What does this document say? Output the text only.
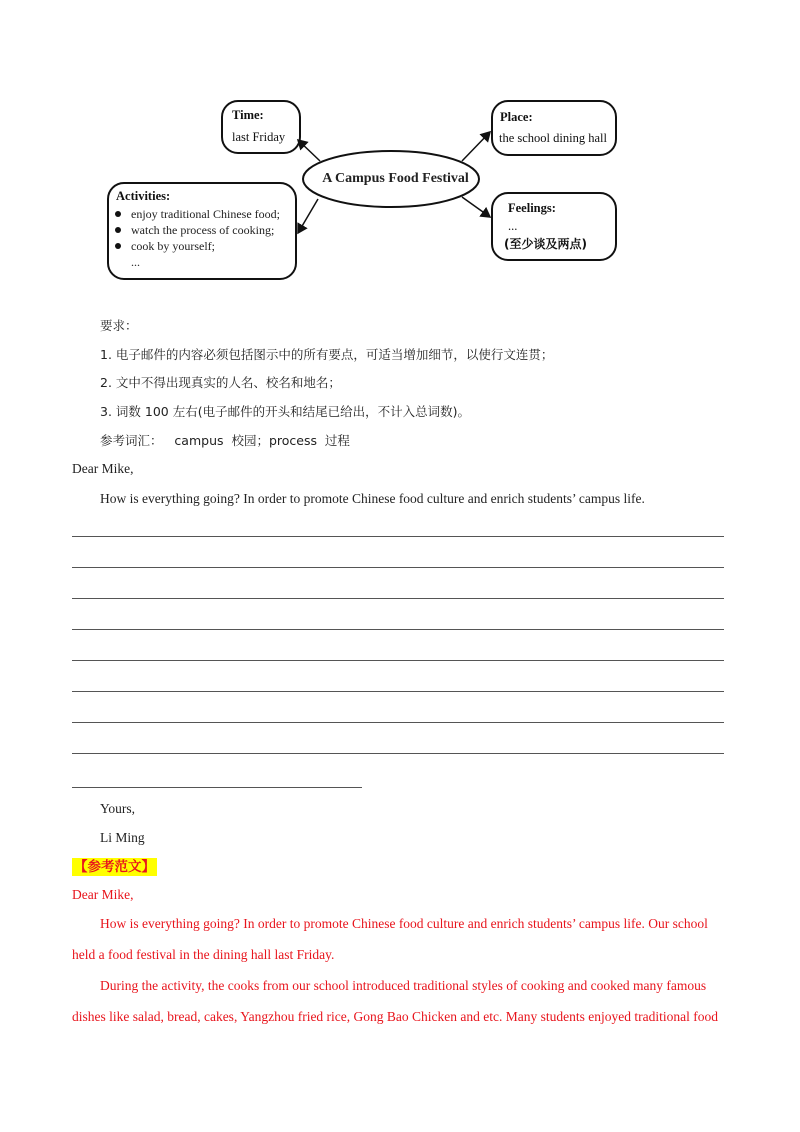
Time:
last Friday
Place:
the school dining hall
A Campus Food Festival
Activities:
enjoy traditional Chinese food;
watch the process of cooking;
cook by yourself;
...
Feelings:
...
(至少谈及两点)
要求：
1. 电子邮件的内容必须包括图示中的所有要点，可适当增加细节，以使行文连贯；
2. 文中不得出现真实的人名、校名和地名；
3. 词数 100 左右(电子邮件的开头和结尾已给出，不计入总词数)。
参考词汇：   campus  校园；process  过程
Dear Mike,
How is everything going? In order to promote Chinese food culture and enrich students’ campus life.
Yours,
Li Ming
【参考范文】
Dear Mike,
How is everything going? In order to promote Chinese food culture and enrich students’ campus life. Our school
held a food festival in the dining hall last Friday.
During the activity, the cooks from our school introduced traditional styles of cooking and cooked many famous
dishes like salad, bread, cakes, Yangzhou fried rice, Gong Bao Chicken and etc. Many students enjoyed traditional food
